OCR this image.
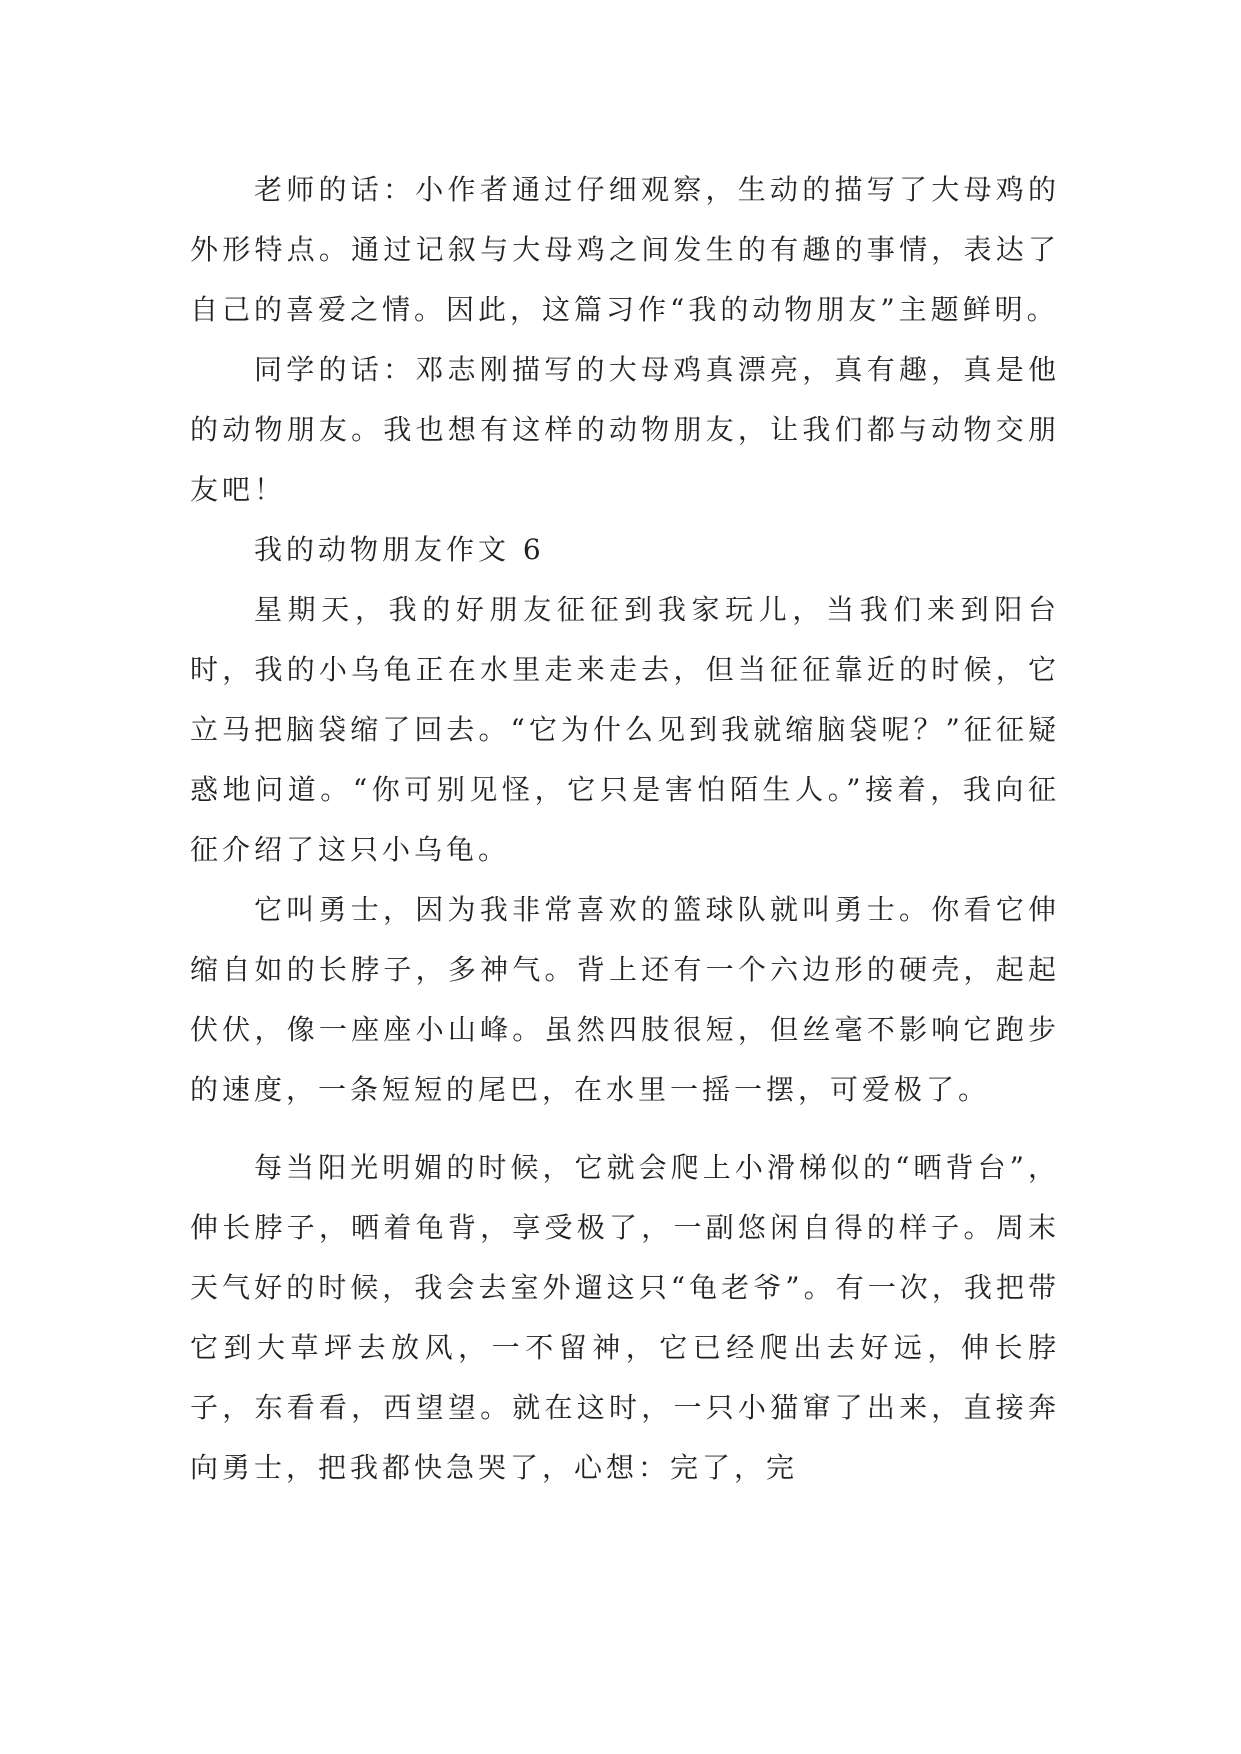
老师的话：小作者通过仔细观察，生动的描写了大母鸡的外形特点。通过记叙与大母鸡之间发生的有趣的事情，表达了自己的喜爱之情。因此，这篇习作“我的动物朋友”主题鲜明。

同学的话：邓志刚描写的大母鸡真漂亮，真有趣，真是他的动物朋友。我也想有这样的动物朋友，让我们都与动物交朋友吧！

我的动物朋友作文 6

星期天，我的好朋友征征到我家玩儿，当我们来到阳台时，我的小乌龟正在水里走来走去，但当征征靠近的时候，它立马把脑袋缩了回去。“它为什么见到我就缩脑袋呢？”征征疑惑地问道。“你可别见怪，它只是害怕陌生人。”接着，我向征征介绍了这只小乌龟。

它叫勇士，因为我非常喜欢的篮球队就叫勇士。你看它伸缩自如的长脖子，多神气。背上还有一个六边形的硬壳，起起伏伏，像一座座小山峰。虽然四肢很短，但丝毫不影响它跑步的速度，一条短短的尾巴，在水里一摇一摆，可爱极了。

每当阳光明媚的时候，它就会爬上小滑梯似的“晒背台”，伸长脖子，晒着龟背，享受极了，一副悠闲自得的样子。周末天气好的时候，我会去室外遛这只“龟老爷”。有一次，我把带它到大草坪去放风，一不留神，它已经爬出去好远，伸长脖子，东看看，西望望。就在这时，一只小猫窜了出来，直接奔向勇士，把我都快急哭了，心想：完了，完
